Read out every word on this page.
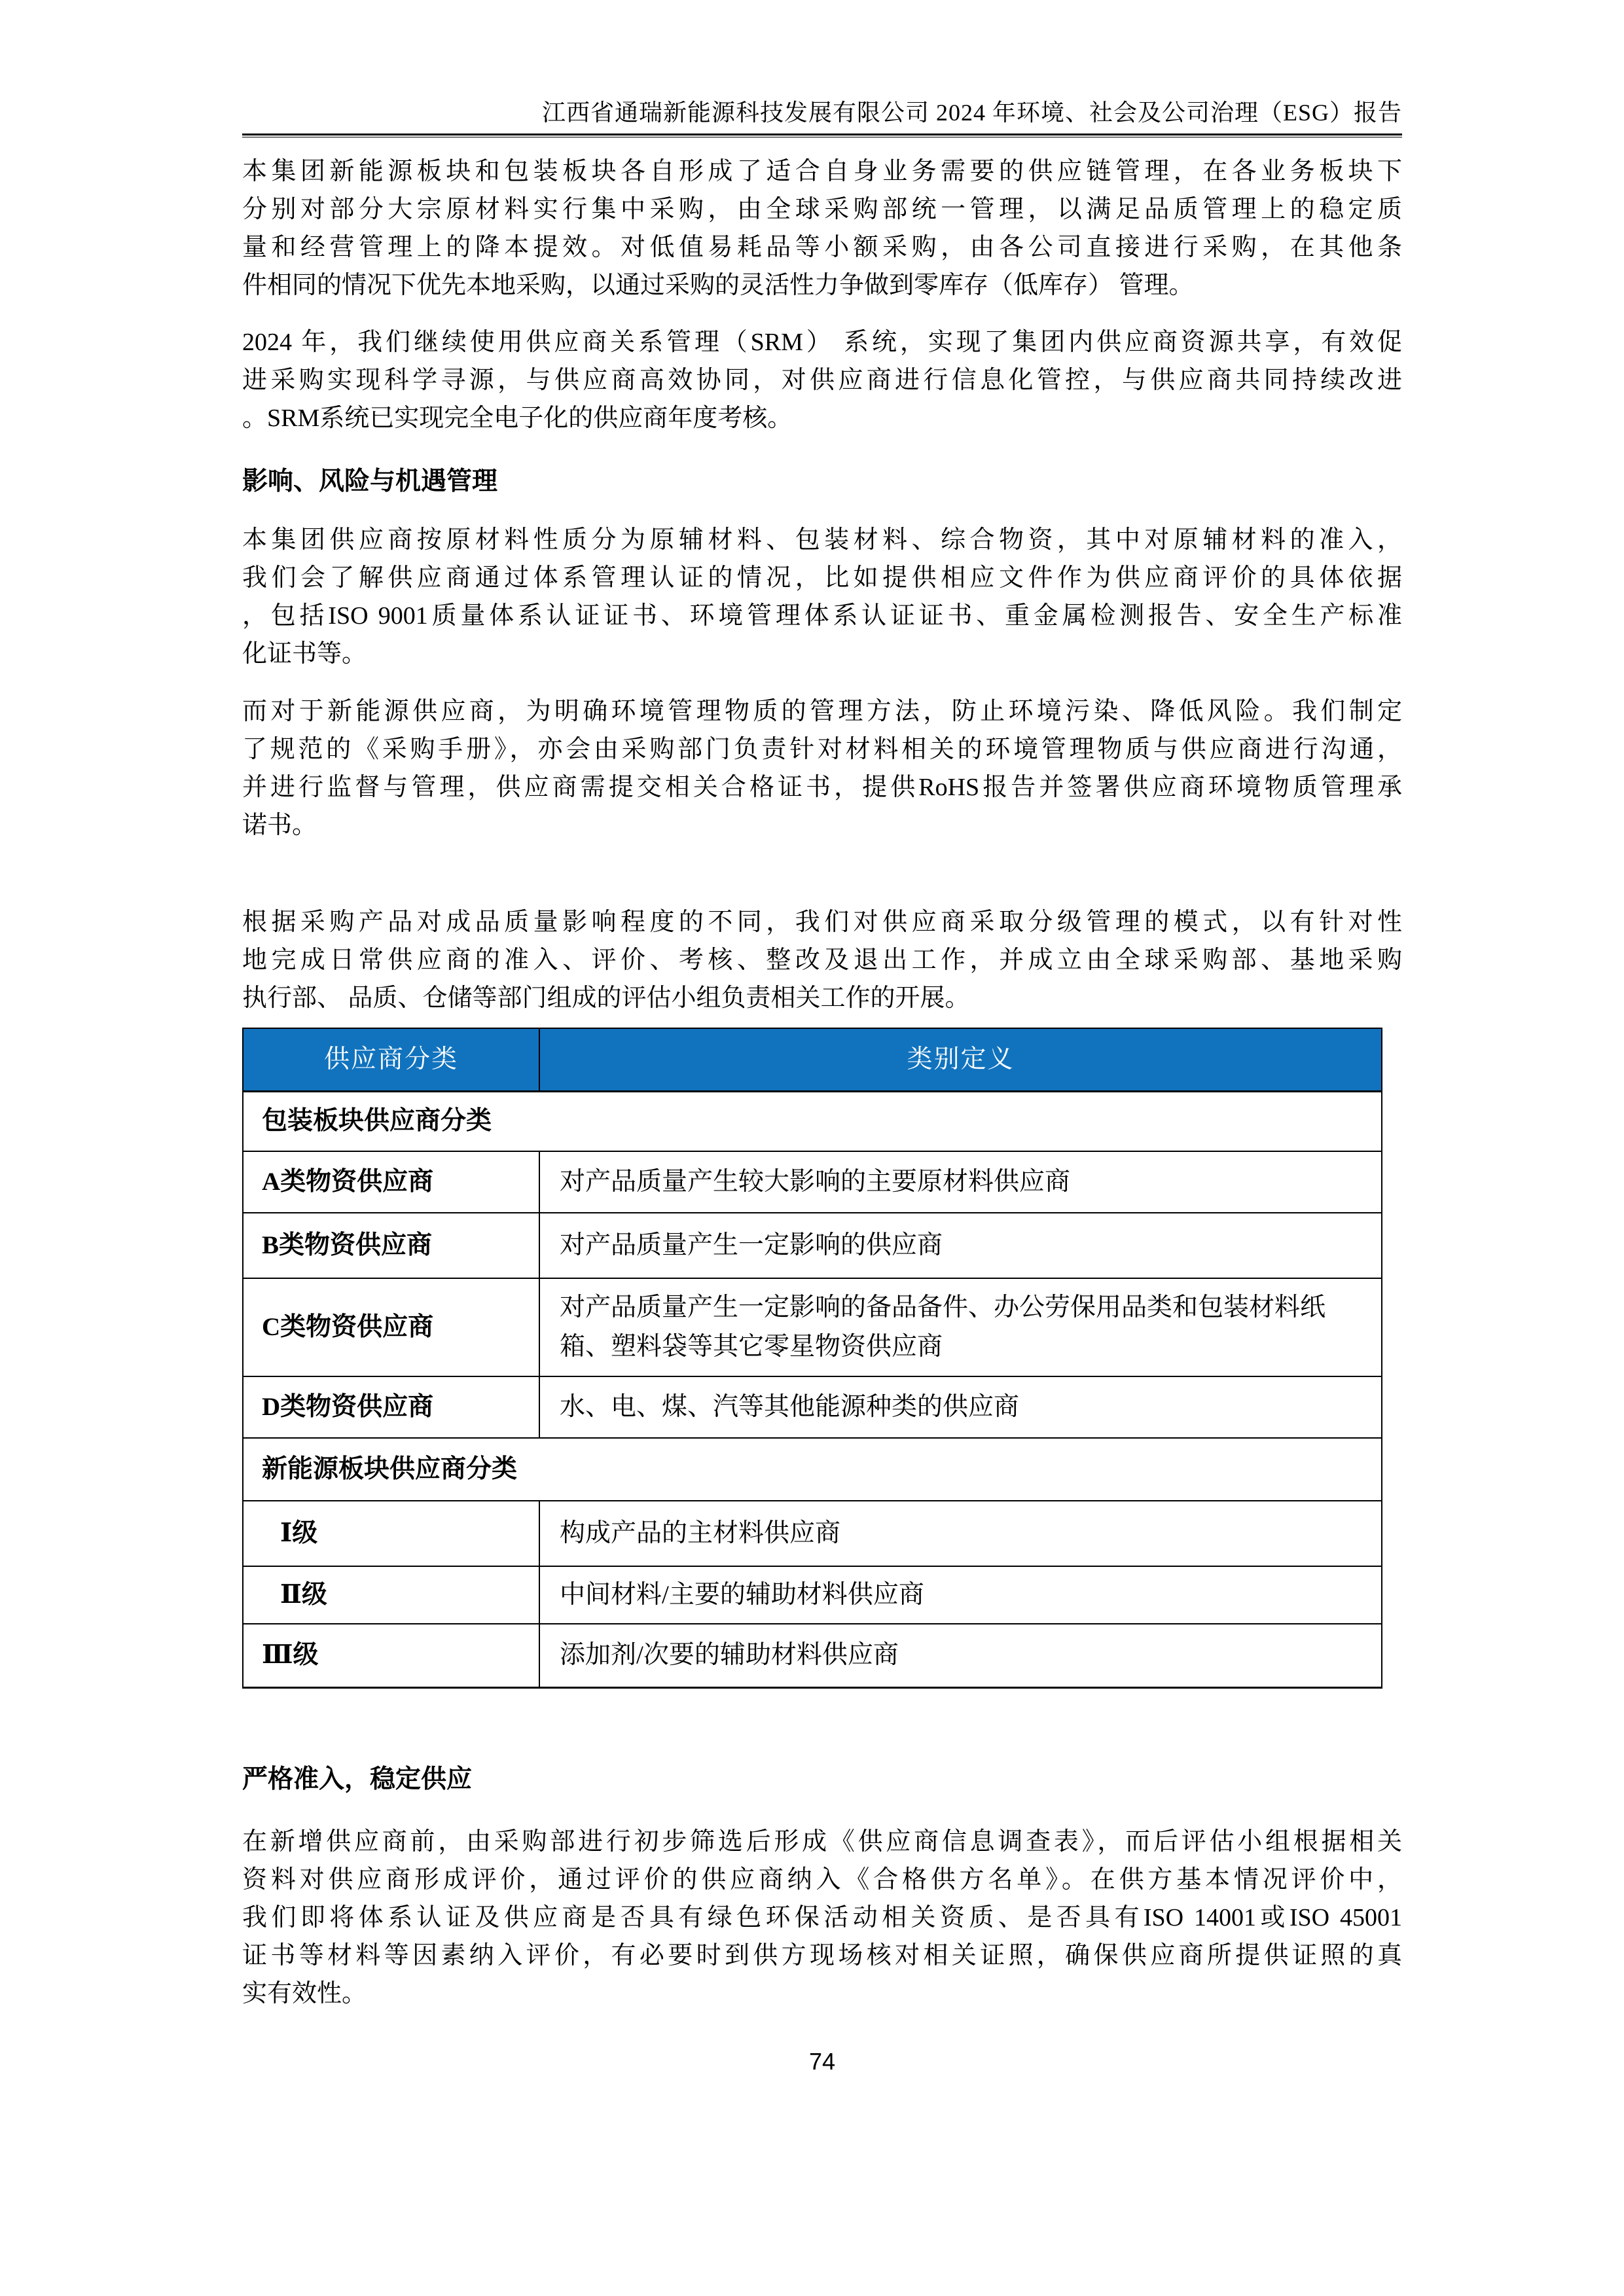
江西省通瑞新能源科技发展有限公司 2024 年环境、社会及公司治理（ESG）报告

本集团新能源板块和包装板块各自形成了适合自身业务需要的供应链管理，在各业务板块下
分别对部分大宗原材料实行集中采购，由全球采购部统一管理，以满足品质管理上的稳定质
量和经营管理上的降本提效。对低值易耗品等小额采购，由各公司直接进行采购，在其他条
件相同的情况下优先本地采购，以通过采购的灵活性力争做到零库存（低库存） 管理。

2024 年，我们继续使用供应商关系管理（SRM） 系统，实现了集团内供应商资源共享，有效促
进采购实现科学寻源，与供应商高效协同，对供应商进行信息化管控，与供应商共同持续改进
。SRM系统已实现完全电子化的供应商年度考核。

影响、风险与机遇管理

本集团供应商按原材料性质分为原辅材料、包装材料、综合物资，其中对原辅材料的准入，
我们会了解供应商通过体系管理认证的情况，比如提供相应文件作为供应商评价的具体依据
，包括ISO 9001质量体系认证证书、环境管理体系认证证书、重金属检测报告、安全生产标准
化证书等。

而对于新能源供应商，为明确环境管理物质的管理方法，防止环境污染、降低风险。我们制定
了规范的《采购手册》，亦会由采购部门负责针对材料相关的环境管理物质与供应商进行沟通，
并进行监督与管理，供应商需提交相关合格证书，提供RoHS报告并签署供应商环境物质管理承
诺书。

根据采购产品对成品质量影响程度的不同，我们对供应商采取分级管理的模式，以有针对性
地完成日常供应商的准入、评价、考核、整改及退出工作，并成立由全球采购部、基地采购
执行部、 品质、仓储等部门组成的评估小组负责相关工作的开展。

供应商分类	类别定义
包装板块供应商分类	
A类物资供应商	对产品质量产生较大影响的主要原材料供应商
B类物资供应商	对产品质量产生一定影响的供应商
C类物资供应商	对产品质量产生一定影响的备品备件、办公劳保用品类和包装材料纸箱、塑料袋等其它零星物资供应商
D类物资供应商	水、电、煤、汽等其他能源种类的供应商
新能源板块供应商分类	
Ⅰ级	构成产品的主材料供应商
Ⅱ级	中间材料/主要的辅助材料供应商
Ⅲ级	添加剂/次要的辅助材料供应商
严格准入，稳定供应

在新增供应商前，由采购部进行初步筛选后形成《供应商信息调查表》，而后评估小组根据相关
资料对供应商形成评价，通过评价的供应商纳入《合格供方名单》。在供方基本情况评价中，
我们即将体系认证及供应商是否具有绿色环保活动相关资质、是否具有ISO 14001或ISO 45001
证书等材料等因素纳入评价，有必要时到供方现场核对相关证照，确保供应商所提供证照的真
实有效性。

74
